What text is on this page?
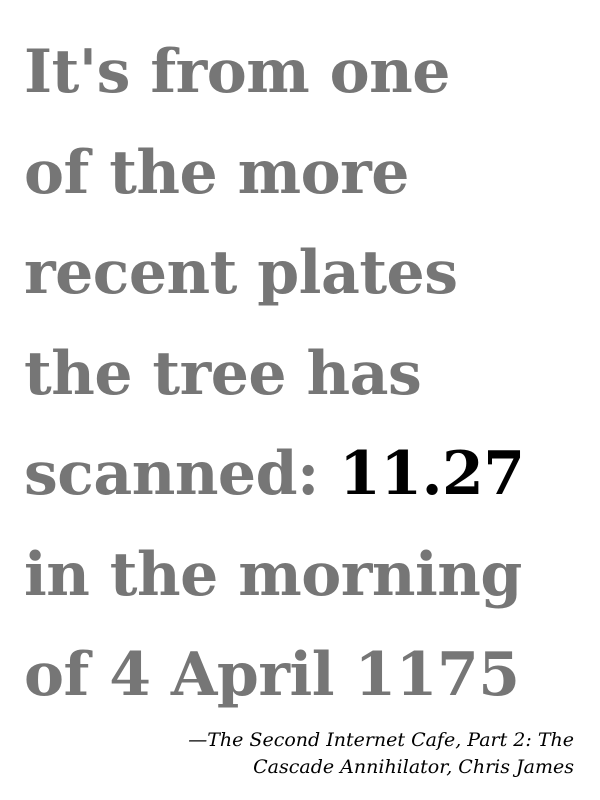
It's from one
of the more
recent plates
the tree has
scanned: 11.27
in the morning
of 4 April 1175
—The Second Internet Cafe, Part 2: The
Cascade Annihilator, Chris James
